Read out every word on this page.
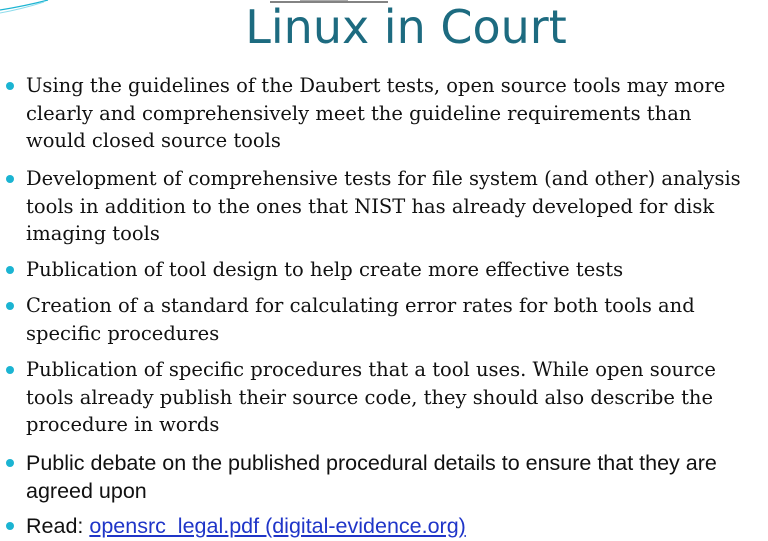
Linux in Court
Using the guidelines of the Daubert tests, open source tools may more clearly and comprehensively meet the guideline requirements than would closed source tools
Development of comprehensive tests for file system (and other) analysis tools in addition to the ones that NIST has already developed for disk imaging tools
Publication of tool design to help create more effective tests
Creation of a standard for calculating error rates for both tools and specific procedures
Publication of specific procedures that a tool uses. While open source tools already publish their source code, they should also describe the procedure in words
Public debate on the published procedural details to ensure that they are agreed upon
Read: opensrc_legal.pdf (digital-evidence.org)
